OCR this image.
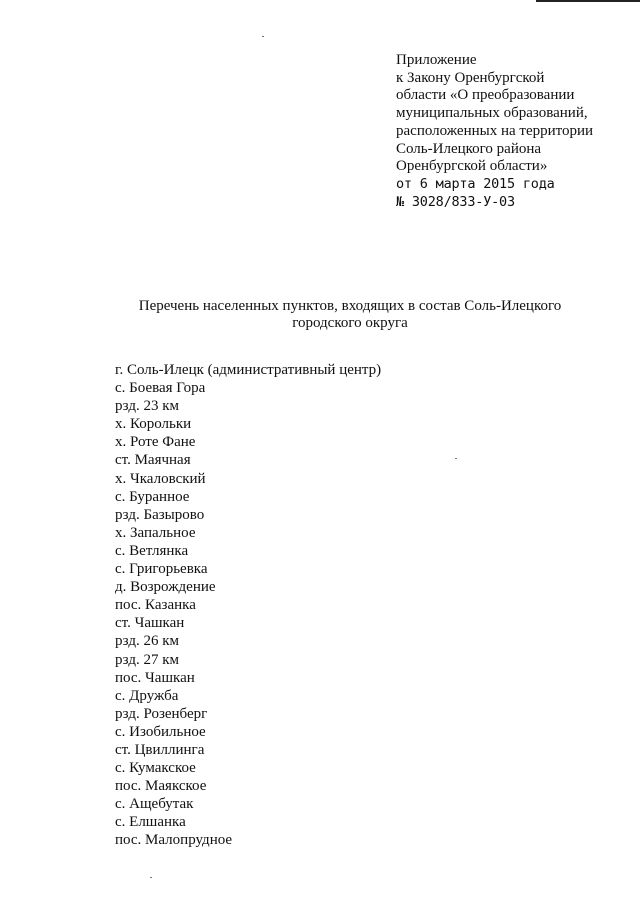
Приложение
к Закону Оренбургской
области «О преобразовании
муниципальных образований,
расположенных на территории
Соль-Илецкого района
Оренбургской области»
от 6 марта 2015 года
№ 3028/833-У-03
Перечень населенных пунктов, входящих в состав Соль-Илецкого
городского округа
г. Соль-Илецк (административный центр)
с. Боевая Гора
рзд. 23 км
х. Корольки
х. Роте Фане
ст. Маячная
х. Чкаловский
с. Буранное
рзд. Базырово
х. Запальное
с. Ветлянка
с. Григорьевка
д. Возрождение
пос. Казанка
ст. Чашкан
рзд. 26 км
рзд. 27 км
пос. Чашкан
с. Дружба
рзд. Розенберг
с. Изобильное
ст. Цвиллинга
с. Кумакское
пос. Маякское
с. Ащебутак
с. Елшанка
пос. Малопрудное
